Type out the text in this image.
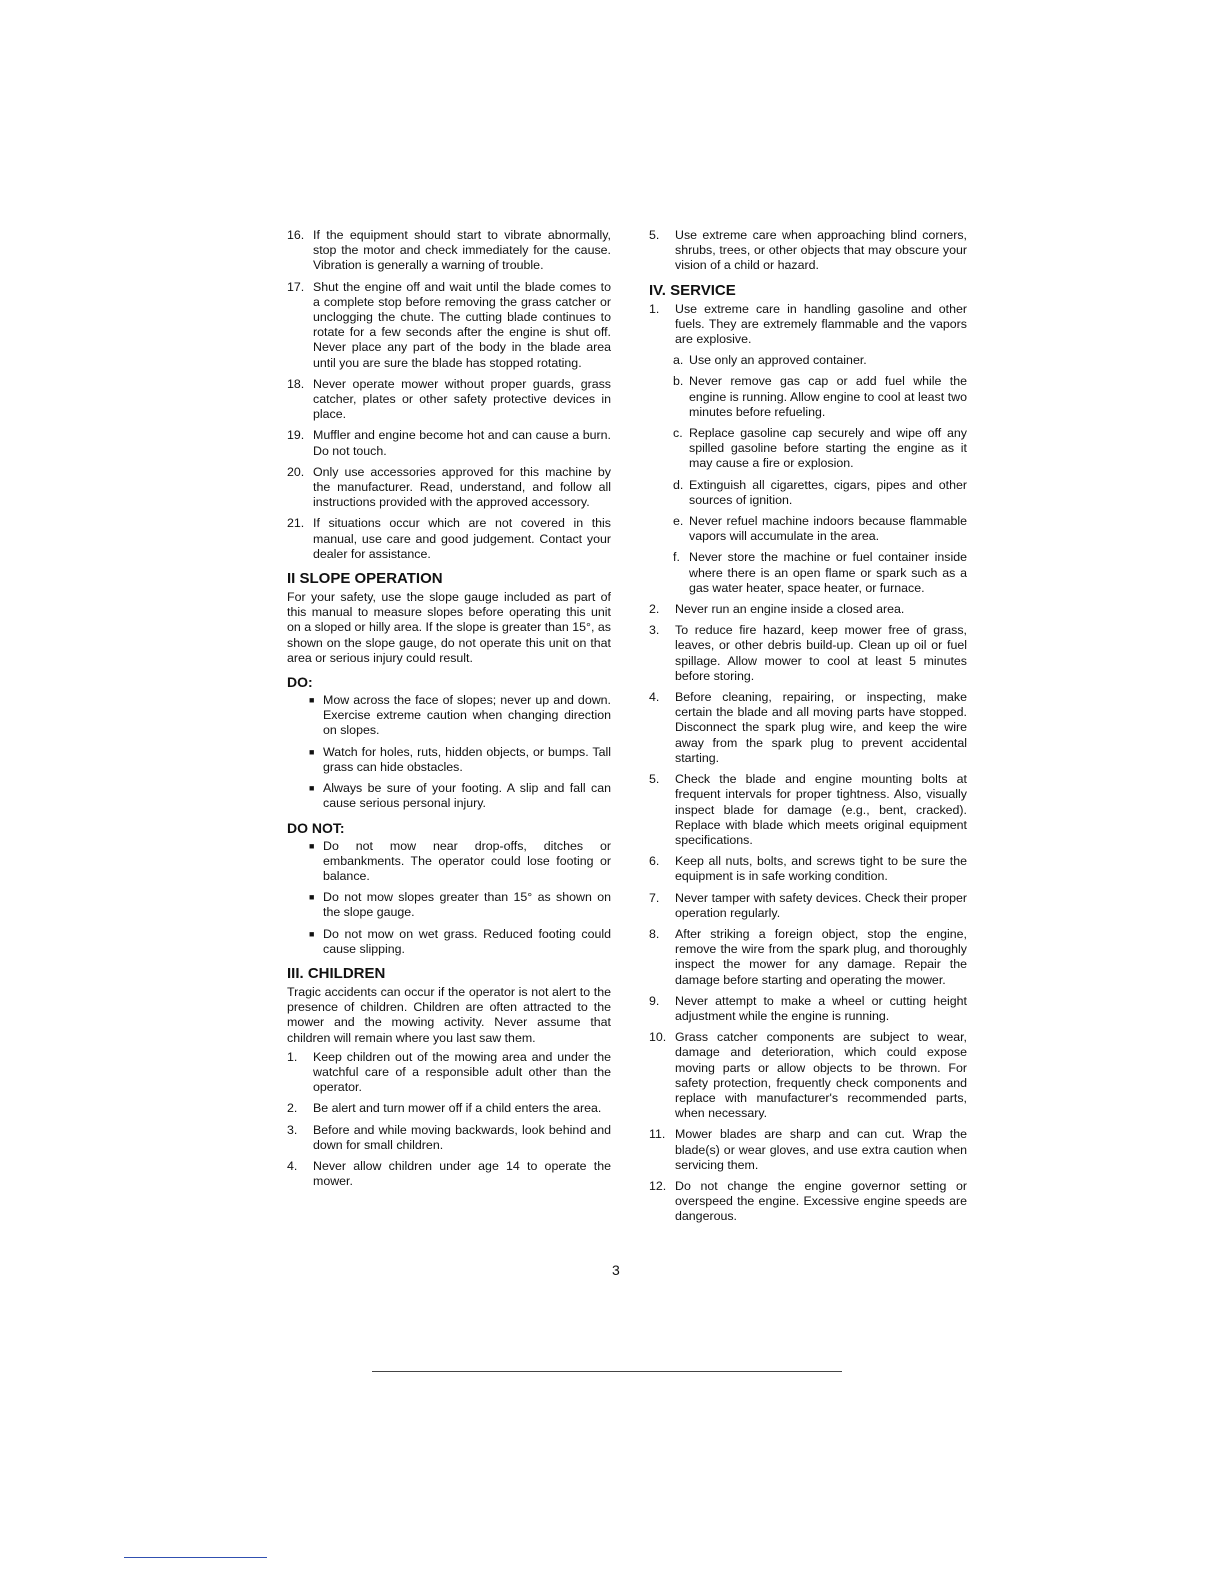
16. If the equipment should start to vibrate abnormally, stop the motor and check immediately for the cause. Vibration is generally a warning of trouble.
17. Shut the engine off and wait until the blade comes to a complete stop before removing the grass catcher or unclogging the chute. The cutting blade continues to rotate for a few seconds after the engine is shut off. Never place any part of the body in the blade area until you are sure the blade has stopped rotating.
18. Never operate mower without proper guards, grass catcher, plates or other safety protective devices in place.
19. Muffler and engine become hot and can cause a burn. Do not touch.
20. Only use accessories approved for this machine by the manufacturer. Read, understand, and follow all instructions provided with the approved accessory.
21. If situations occur which are not covered in this manual, use care and good judgement. Contact your dealer for assistance.
II SLOPE OPERATION
For your safety, use the slope gauge included as part of this manual to measure slopes before operating this unit on a sloped or hilly area. If the slope is greater than 15°, as shown on the slope gauge, do not operate this unit on that area or serious injury could result.
DO:
■ Mow across the face of slopes; never up and down. Exercise extreme caution when changing direction on slopes.
■ Watch for holes, ruts, hidden objects, or bumps. Tall grass can hide obstacles.
■ Always be sure of your footing. A slip and fall can cause serious personal injury.
DO NOT:
■ Do not mow near drop-offs, ditches or embankments. The operator could lose footing or balance.
■ Do not mow slopes greater than 15° as shown on the slope gauge.
■ Do not mow on wet grass. Reduced footing could cause slipping.
III. CHILDREN
Tragic accidents can occur if the operator is not alert to the presence of children. Children are often attracted to the mower and the mowing activity. Never assume that children will remain where you last saw them.
1. Keep children out of the mowing area and under the watchful care of a responsible adult other than the operator.
2. Be alert and turn mower off if a child enters the area.
3. Before and while moving backwards, look behind and down for small children.
4. Never allow children under age 14 to operate the mower.
5. Use extreme care when approaching blind corners, shrubs, trees, or other objects that may obscure your vision of a child or hazard.
IV. SERVICE
1. Use extreme care in handling gasoline and other fuels. They are extremely flammable and the vapors are explosive.
a. Use only an approved container.
b. Never remove gas cap or add fuel while the engine is running. Allow engine to cool at least two minutes before refueling.
c. Replace gasoline cap securely and wipe off any spilled gasoline before starting the engine as it may cause a fire or explosion.
d. Extinguish all cigarettes, cigars, pipes and other sources of ignition.
e. Never refuel machine indoors because flammable vapors will accumulate in the area.
f. Never store the machine or fuel container inside where there is an open flame or spark such as a gas water heater, space heater, or furnace.
2. Never run an engine inside a closed area.
3. To reduce fire hazard, keep mower free of grass, leaves, or other debris build-up. Clean up oil or fuel spillage. Allow mower to cool at least 5 minutes before storing.
4. Before cleaning, repairing, or inspecting, make certain the blade and all moving parts have stopped. Disconnect the spark plug wire, and keep the wire away from the spark plug to prevent accidental starting.
5. Check the blade and engine mounting bolts at frequent intervals for proper tightness. Also, visually inspect blade for damage (e.g., bent, cracked). Replace with blade which meets original equipment specifications.
6. Keep all nuts, bolts, and screws tight to be sure the equipment is in safe working condition.
7. Never tamper with safety devices. Check their proper operation regularly.
8. After striking a foreign object, stop the engine, remove the wire from the spark plug, and thoroughly inspect the mower for any damage. Repair the damage before starting and operating the mower.
9. Never attempt to make a wheel or cutting height adjustment while the engine is running.
10. Grass catcher components are subject to wear, damage and deterioration, which could expose moving parts or allow objects to be thrown. For safety protection, frequently check components and replace with manufacturer's recommended parts, when necessary.
11. Mower blades are sharp and can cut. Wrap the blade(s) or wear gloves, and use extra caution when servicing them.
12. Do not change the engine governor setting or overspeed the engine. Excessive engine speeds are dangerous.
3
